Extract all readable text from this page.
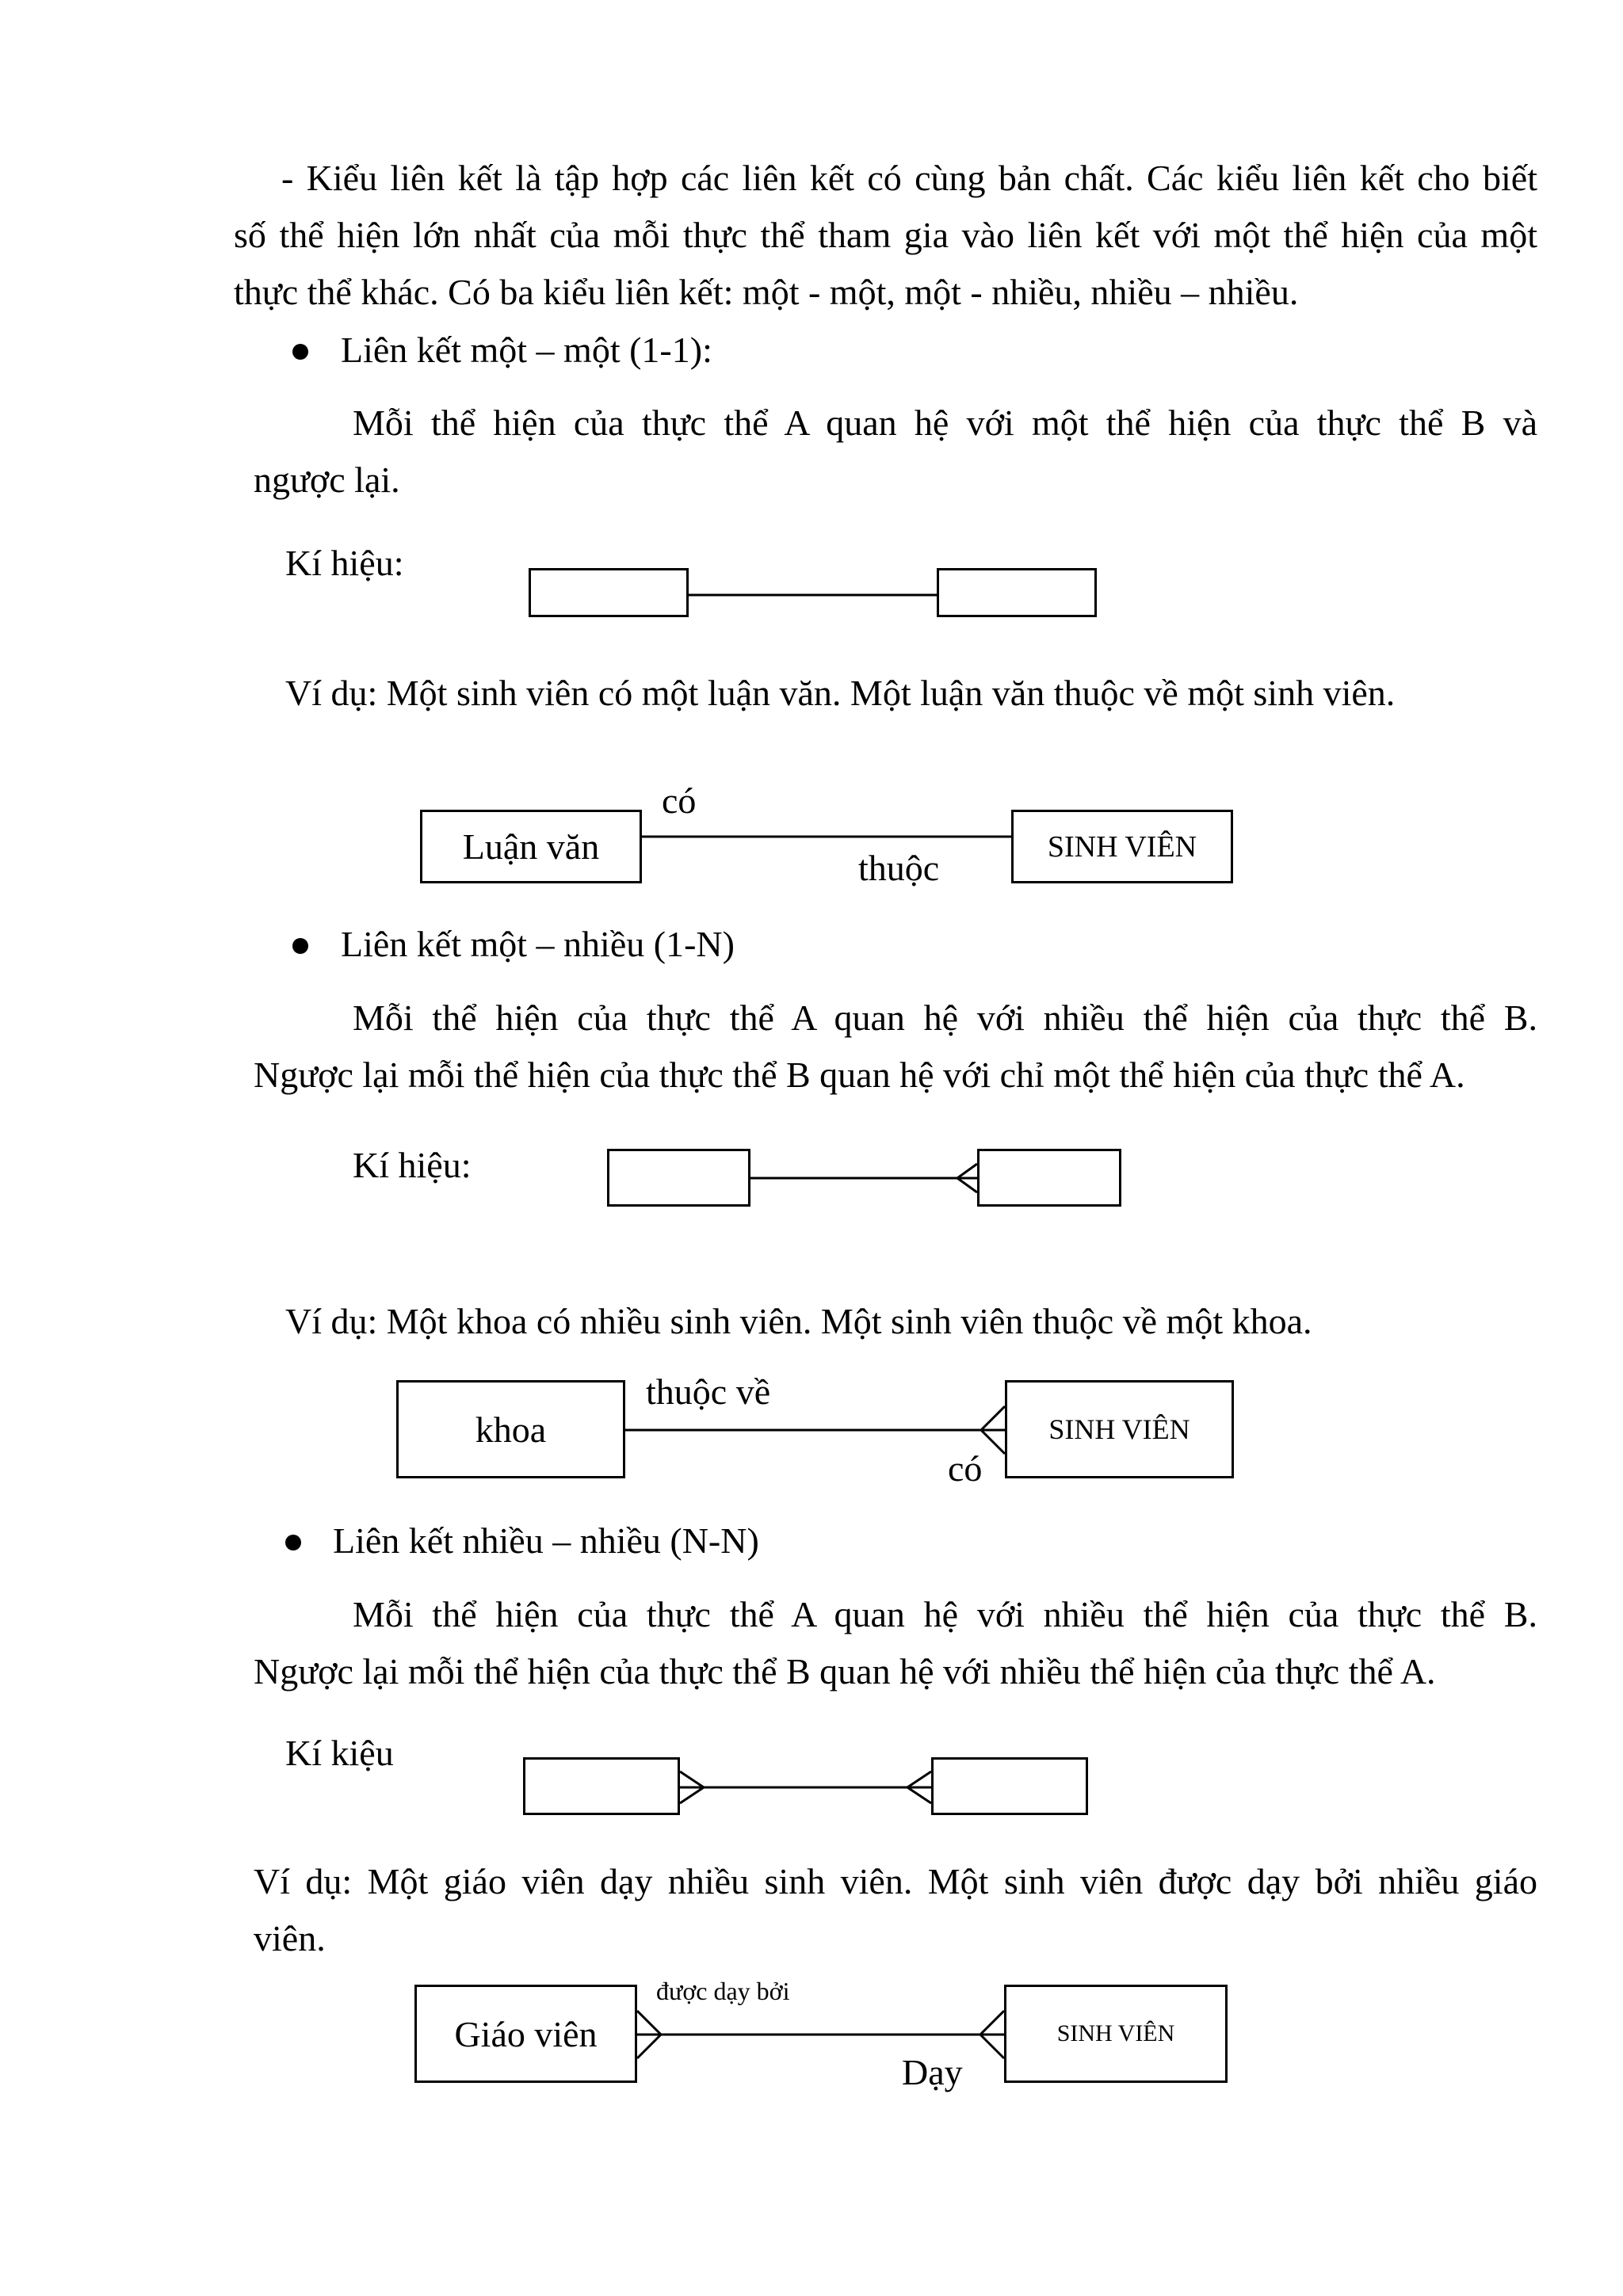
- Kiểu liên kết là tập hợp các liên kết có cùng bản chất. Các kiểu liên kết cho biết
số thể hiện lớn nhất của mỗi thực thể tham gia vào liên kết với một thể hiện của một
thực thể khác. Có ba kiểu liên kết: một - một, một - nhiều, nhiều – nhiều.
Liên kết một – một (1-1):
Mỗi thể hiện của thực thể A quan hệ với một thể hiện của thực thể B và
ngược lại.
Kí hiệu:
Ví dụ: Một sinh viên có một luận văn. Một luận văn thuộc về một sinh viên.
Luận văn	SINH VIÊN
có
thuộc
Liên kết một – nhiều (1-N)
Mỗi thể hiện của thực thể A quan hệ với nhiều thể hiện của thực thể B.
Ngược lại mỗi thể hiện của thực thể B quan hệ với chỉ một thể hiện của thực thể A.
Kí hiệu:
Ví dụ: Một khoa có nhiều sinh viên. Một sinh viên thuộc về một khoa.
khoa	SINH VIÊN
thuộc về
có
Liên kết nhiều – nhiều (N-N)
Mỗi thể hiện của thực thể A quan hệ với nhiều thể hiện của thực thể B.
Ngược lại mỗi thể hiện của thực thể B quan hệ với nhiều thể hiện của thực thể A.
Kí kiệu
Ví dụ: Một giáo viên dạy nhiều sinh viên. Một sinh viên được dạy bởi nhiều giáo
viên.
Giáo viên	SINH VIÊN
được dạy bởi
Dạy
